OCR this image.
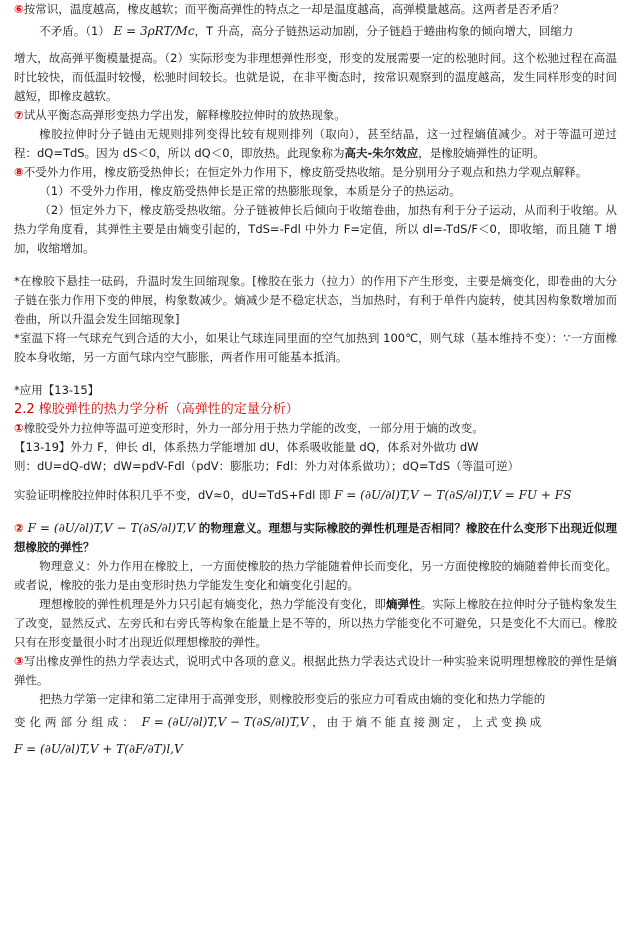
⑥按常识，温度越高，橡皮越软；而平衡高弹性的特点之一却是温度越高，高弹模量越高。这两者是否矛盾？

不矛盾。（1） E = 3ρRT/Mc，T 升高，高分子链热运动加剧，分子链趋于蜷曲构象的倾向增大，回缩力

增大，故高弹平衡模量提高。（2）实际形变为非理想弹性形变，形变的发展需要一定的松驰时间。这个松驰过程在高温时比较快，而低温时较慢，松驰时间较长。也就是说，在非平衡态时，按常识观察到的温度越高，发生同样形变的时间越短，即橡皮越软。

⑦试从平衡态高弹形变热力学出发，解释橡胶拉伸时的放热现象。

橡胶拉伸时分子链由无规则排列变得比较有规则排列（取向），甚至结晶，这一过程熵值减少。对于等温可逆过程：dQ=TdS。因为 dS＜0，所以 dQ＜0，即放热。此现象称为高夫-朱尔效应，是橡胶熵弹性的证明。

⑧不受外力作用，橡皮筋受热伸长；在恒定外力作用下，橡皮筋受热收缩。是分别用分子观点和热力学观点解释。

（1）不受外力作用，橡皮筋受热伸长是正常的热膨胀现象，本质是分子的热运动。

（2）恒定外力下，橡皮筋受热收缩。分子链被伸长后倾向于收缩卷曲，加热有利于分子运动，从而利于收缩。从热力学角度看，其弹性主要是由熵变引起的，TdS=-Fdl 中外力 F=定值，所以 dl=-TdS/F＜0，即收缩，而且随 T 增加，收缩增加。

*在橡胶下悬挂一砝码，升温时发生回缩现象。[橡胶在张力（拉力）的作用下产生形变，主要是熵变化，即卷曲的大分子链在张力作用下变的伸展，构象数减少。熵减少是不稳定状态，当加热时，有利于单件内旋转，使其因构象数增加而卷曲，所以升温会发生回缩现象]

*室温下将一气球充气到合适的大小，如果让气球连同里面的空气加热到 100℃，则气球（基本维持不变）：∵一方面橡胶本身收缩，另一方面气球内空气膨胀，两者作用可能基本抵消。

*应用【13-15】

2.2 橡胶弹性的热力学分析（高弹性的定量分析）

①橡胶受外力拉伸等温可逆变形时，外力一部分用于热力学能的改变，一部分用于熵的改变。

【13-19】外力 F，伸长 dl，体系热力学能增加 dU，体系吸收能量 dQ，体系对外做功 dW

则：dU=dQ-dW；dW=pdV-Fdl（pdV：膨胀功；Fdl：外力对体系做功）；dQ=TdS（等温可逆）

实验证明橡胶拉伸时体积几乎不变，dV≈0，dU=TdS+Fdl 即 F = (∂U/∂l)T,V − T(∂S/∂l)T,V = FU + FS

② F = (∂U/∂l)T,V − T(∂S/∂l)T,V 的物理意义。理想与实际橡胶的弹性机理是否相同？橡胶在什么变形下出现近似理想橡胶的弹性？

物理意义：外力作用在橡胶上，一方面使橡胶的热力学能随着伸长而变化，另一方面使橡胶的熵随着伸长而变化。或者说，橡胶的张力是由变形时热力学能发生变化和熵变化引起的。

理想橡胶的弹性机理是外力只引起有熵变化，热力学能没有变化，即熵弹性。实际上橡胶在拉伸时分子链构象发生了改变，显然反式、左旁氏和右旁氏等构象在能量上是不等的，所以热力学能变化不可避免，只是变化不大而已。橡胶只有在形变量很小时才出现近似理想橡胶的弹性。

③写出橡皮弹性的热力学表达式，说明式中各项的意义。根据此热力学表达式设计一种实验来说明理想橡胶的弹性是熵弹性。

把热力学第一定律和第二定律用于高弹变形，则橡胶形变后的张应力可看成由熵的变化和热力学能的

变化两部分组成： F = (∂U/∂l)T,V − T(∂S/∂l)T,V ，由于熵不能直接测定，上式变换成

F = (∂U/∂l)T,V + T(∂F/∂T)l,V
